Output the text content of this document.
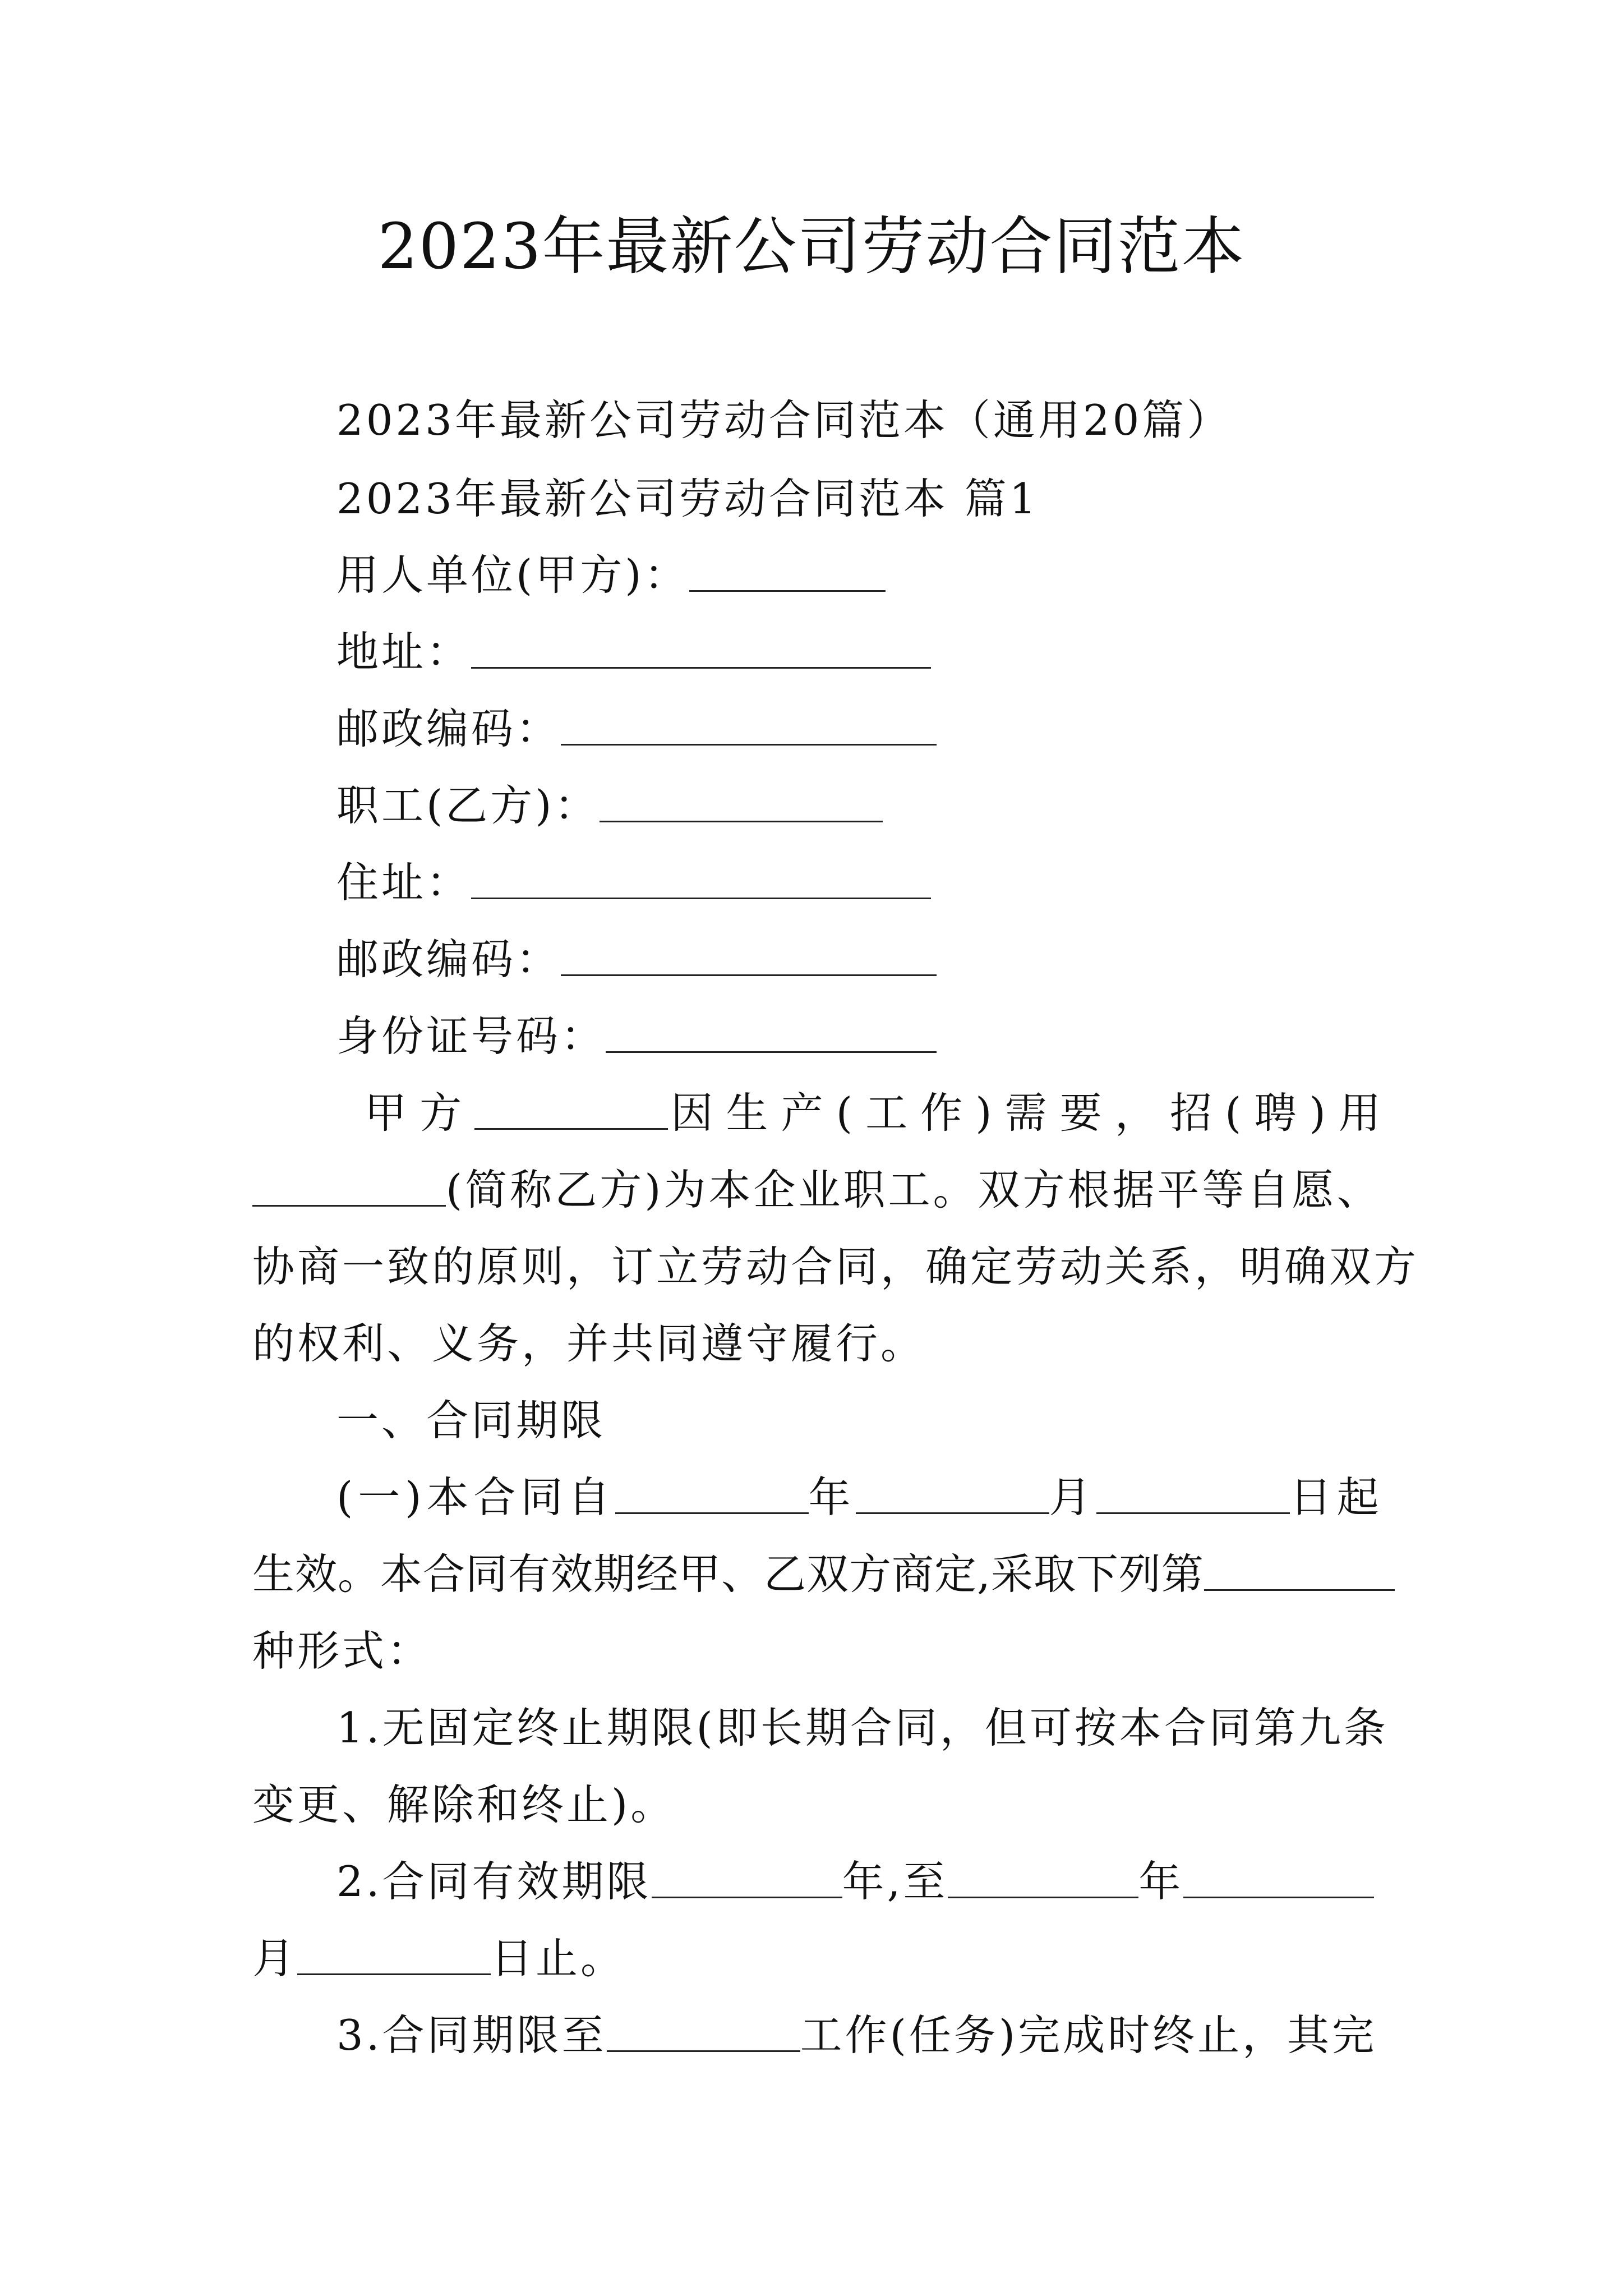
2023年最新公司劳动合同范本
2023年最新公司劳动合同范本（通用20篇）
2023年最新公司劳动合同范本 篇1
用人单位(甲方)：
地址：
邮政编码：
职工(乙方)：
住址：
邮政编码：
身份证号码：
甲方	因生产(工作)需要，招(聘)用
(简称乙方)为本企业职工。双方根据平等自愿、
协商一致的原则，订立劳动合同，确定劳动关系，明确双方
的权利、义务，并共同遵守履行。
一、合同期限
(一)本合同自	年	月	日起
生效。本合同有效期经甲、乙双方商定,采取下列第
种形式：
1.无固定终止期限(即长期合同，但可按本合同第九条
变更、解除和终止)。
2.合同有效期限	年,至	年
月	日止。
3.合同期限至	工作(任务)完成时终止，其完
